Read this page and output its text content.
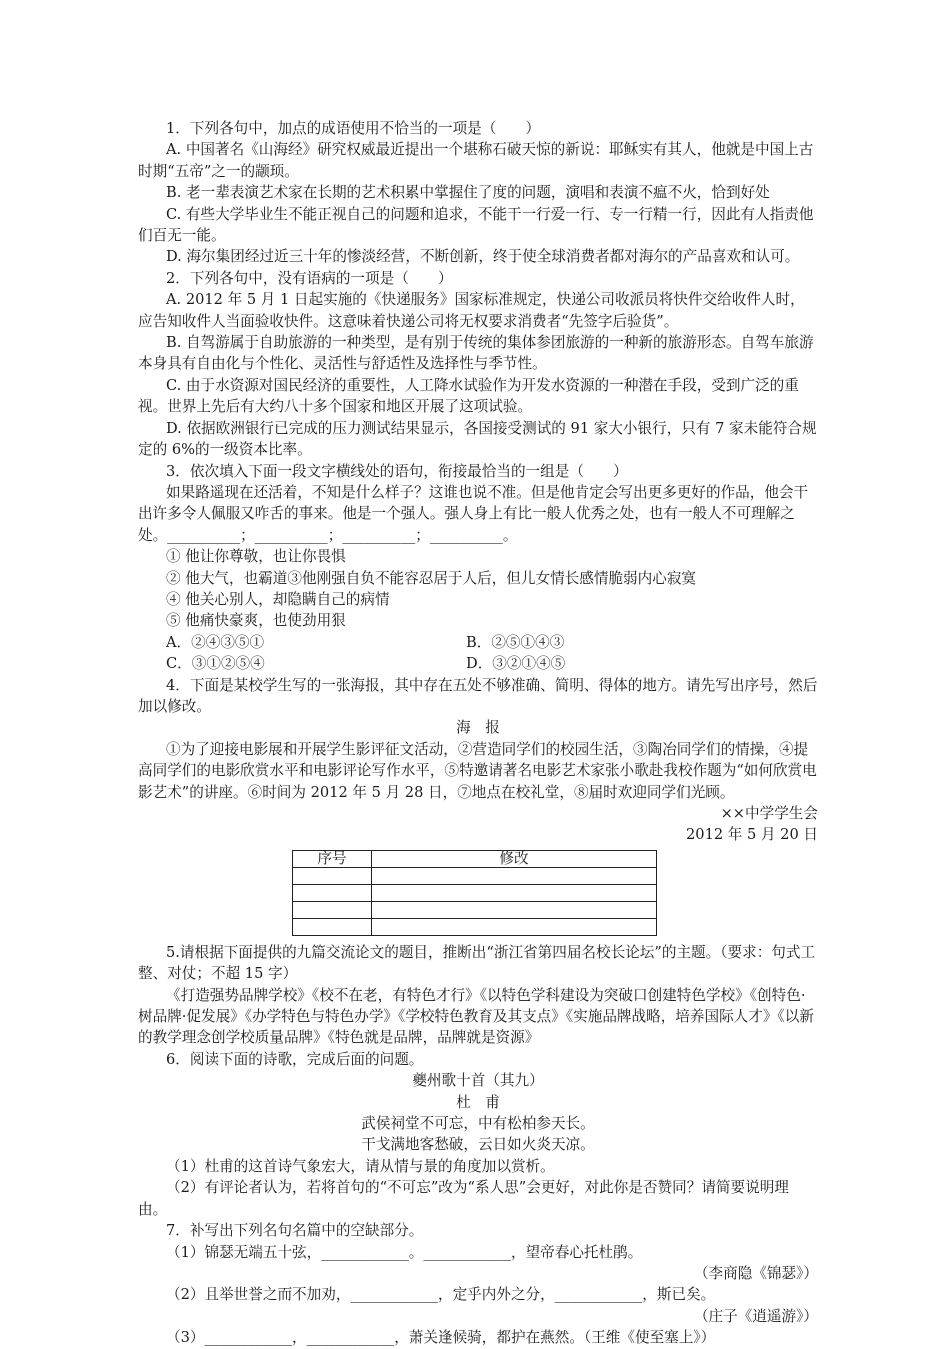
1．下列各句中，加点的成语使用不恰当的一项是（　　）

A. 中国著名《山海经》研究权威最近提出一个堪称石破天惊的新说：耶稣实有其人，他就是中国上古时期“五帝”之一的颛顼。

B. 老一辈表演艺术家在长期的艺术积累中掌握住了度的问题，演唱和表演不瘟不火，恰到好处

C. 有些大学毕业生不能正视自己的问题和追求，不能干一行爱一行、专一行精一行，因此有人指责他们百无一能。

D. 海尔集团经过近三十年的惨淡经营，不断创新，终于使全球消费者都对海尔的产品喜欢和认可。

2．下列各句中，没有语病的一项是（　　）

A. 2012 年 5 月 1 日起实施的《快递服务》国家标准规定，快递公司收派员将快件交给收件人时，应告知收件人当面验收快件。这意味着快递公司将无权要求消费者“先签字后验货”。

B. 自驾游属于自助旅游的一种类型，是有别于传统的集体参团旅游的一种新的旅游形态。自驾车旅游本身具有自由化与个性化、灵活性与舒适性及选择性与季节性。

C. 由于水资源对国民经济的重要性，人工降水试验作为开发水资源的一种潜在手段，受到广泛的重视。世界上先后有大约八十多个国家和地区开展了这项试验。

D. 依据欧洲银行已完成的压力测试结果显示，各国接受测试的 91 家大小银行，只有 7 家未能符合规定的 6%的一级资本比率。

3．依次填入下面一段文字横线处的语句，衔接最恰当的一组是（　　）

如果路遥现在还活着，不知是什么样子？这谁也说不准。但是他肯定会写出更多更好的作品，他会干出许多令人佩服又咋舌的事来。他是一个强人。强人身上有比一般人优秀之处，也有一般人不可理解之处。__________；__________；__________；__________。

① 他让你尊敬，也让你畏惧

② 他大气，也霸道③他刚强自负不能容忍居于人后，但儿女情长感情脆弱内心寂寞

④ 他关心别人，却隐瞒自己的病情

⑤ 他痛快豪爽，也使劲用狠

A．②④③⑤①	B．②⑤①④③
C．③①②⑤④	D．③②①④⑤

4．下面是某校学生写的一张海报，其中存在五处不够准确、简明、得体的地方。请先写出序号，然后加以修改。

海　报

①为了迎接电影展和开展学生影评征文活动，②营造同学们的校园生活，③陶冶同学们的情操，④提高同学们的电影欣赏水平和电影评论写作水平，⑤特邀请著名电影艺术家张小歌赴我校作题为“如何欣赏电影艺术”的讲座。⑥时间为 2012 年 5 月 28 日，⑦地点在校礼堂，⑧届时欢迎同学们光顾。

××中学学生会

2012 年 5 月 20 日

序号	修改

5.请根据下面提供的九篇交流论文的题目，推断出“浙江省第四届名校长论坛”的主题。（要求：句式工整、对仗；不超 15 字）

《打造强势品牌学校》《校不在老，有特色才行》《以特色学科建设为突破口创建特色学校》《创特色·树品牌·促发展》《办学特色与特色办学》《学校特色教育及其支点》《实施品牌战略，培养国际人才》《以新的教学理念创学校质量品牌》《特色就是品牌，品牌就是资源》

6．阅读下面的诗歌，完成后面的问题。

夔州歌十首（其九）

杜　甫

武侯祠堂不可忘，中有松柏参天长。

干戈满地客愁破，云日如火炎天凉。

（1）杜甫的这首诗气象宏大，请从情与景的角度加以赏析。

（2）有评论者认为，若将首句的“不可忘”改为“系人思”会更好，对此你是否赞同？请简要说明理由。

7．补写出下列名句名篇中的空缺部分。

（1）锦瑟无端五十弦，____________。____________，望帝春心托杜鹃。

（李商隐《锦瑟》）

（2）且举世誉之而不加劝，____________，定乎内外之分，____________，斯已矣。

（庄子《逍遥游》）

（3）____________，____________，萧关逢候骑，都护在燕然。（王维《使至塞上》）
